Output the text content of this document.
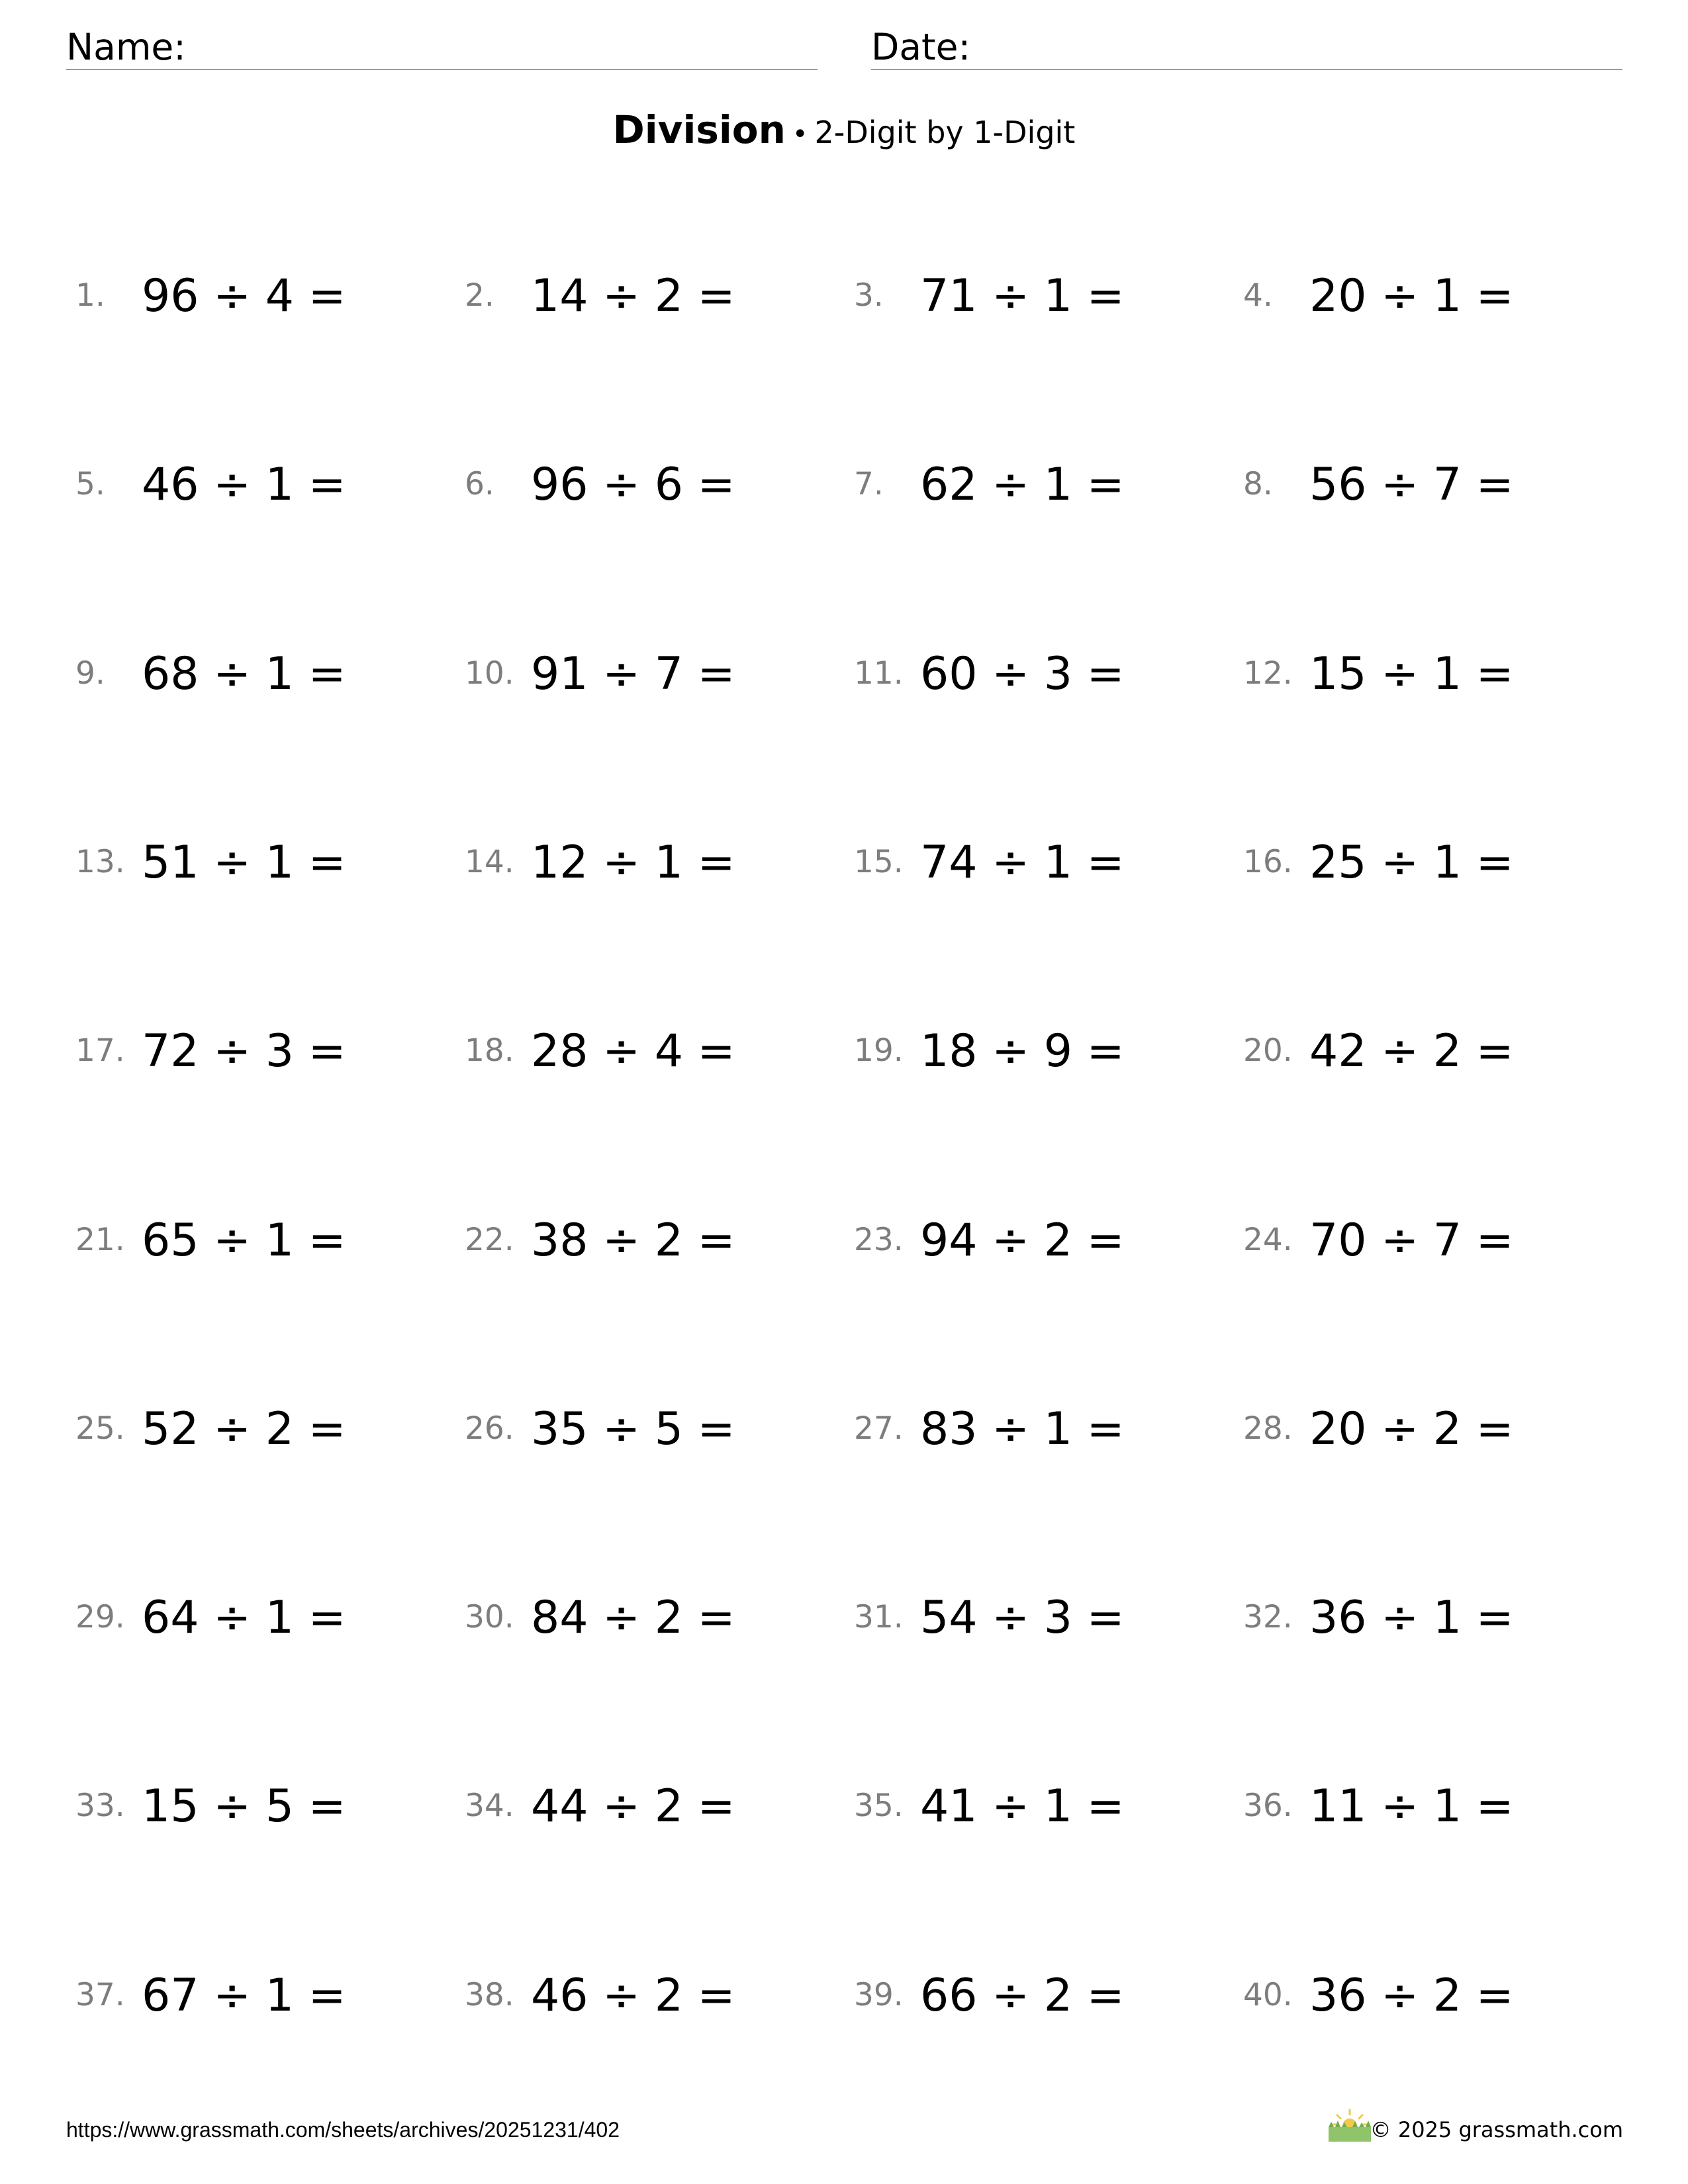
Name:	Date:
Division • 2-Digit by 1-Digit
1. 96 ÷ 4 =	2. 14 ÷ 2 =	3. 71 ÷ 1 =	4. 20 ÷ 1 =
5. 46 ÷ 1 =	6. 96 ÷ 6 =	7. 62 ÷ 1 =	8. 56 ÷ 7 =
9. 68 ÷ 1 =	10. 91 ÷ 7 =	11. 60 ÷ 3 =	12. 15 ÷ 1 =
13. 51 ÷ 1 =	14. 12 ÷ 1 =	15. 74 ÷ 1 =	16. 25 ÷ 1 =
17. 72 ÷ 3 =	18. 28 ÷ 4 =	19. 18 ÷ 9 =	20. 42 ÷ 2 =
21. 65 ÷ 1 =	22. 38 ÷ 2 =	23. 94 ÷ 2 =	24. 70 ÷ 7 =
25. 52 ÷ 2 =	26. 35 ÷ 5 =	27. 83 ÷ 1 =	28. 20 ÷ 2 =
29. 64 ÷ 1 =	30. 84 ÷ 2 =	31. 54 ÷ 3 =	32. 36 ÷ 1 =
33. 15 ÷ 5 =	34. 44 ÷ 2 =	35. 41 ÷ 1 =	36. 11 ÷ 1 =
37. 67 ÷ 1 =	38. 46 ÷ 2 =	39. 66 ÷ 2 =	40. 36 ÷ 2 =
https://www.grassmath.com/sheets/archives/20251231/402	© 2025 grassmath.com
